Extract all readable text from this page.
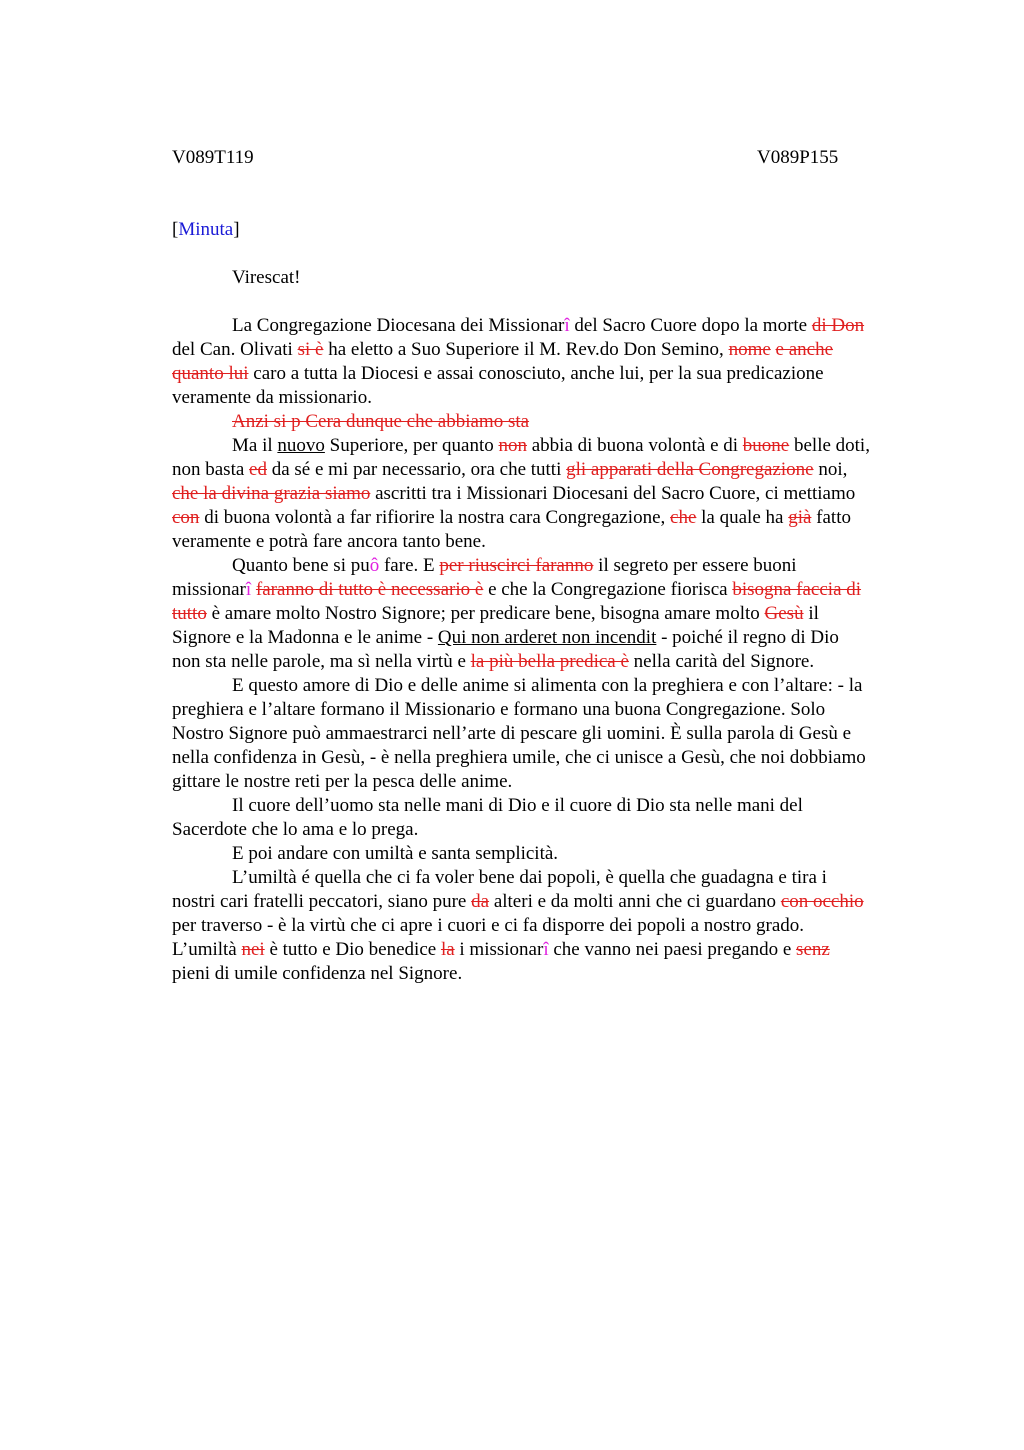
V089T119	V089P155
[Minuta]
Virescat!
La Congregazione Diocesana dei Missionarî del Sacro Cuore dopo la morte di Don
del Can. Olivati si è ha eletto a Suo Superiore il M. Rev.do Don Semino, nome e anche
quanto lui caro a tutta la Diocesi e assai conosciuto, anche lui, per la sua predicazione
veramente da missionario.
Anzi si p Cera dunque che abbiamo sta
Ma il nuovo Superiore, per quanto non abbia di buona volontà e di buone belle doti,
non basta ed da sé e mi par necessario, ora che tutti gli apparati della Congregazione noi,
che la divina grazia siamo ascritti tra i Missionari Diocesani del Sacro Cuore, ci mettiamo
con di buona volontà a far rifiorire la nostra cara Congregazione, che la quale ha già fatto
veramente e potrà fare ancora tanto bene.
Quanto bene si puô fare. E per riuscirci faranno il segreto per essere buoni
missionarî faranno di tutto è necessario è e che la Congregazione fiorisca bisogna faccia di
tutto è amare molto Nostro Signore; per predicare bene, bisogna amare molto Gesù il
Signore e la Madonna e le anime - Qui non arderet non incendit - poiché il regno di Dio
non sta nelle parole, ma sì nella virtù e la più bella predica è nella carità del Signore.
E questo amore di Dio e delle anime si alimenta con la preghiera e con l’altare: - la
preghiera e l’altare formano il Missionario e formano una buona Congregazione. Solo
Nostro Signore può ammaestrarci nell’arte di pescare gli uomini. È sulla parola di Gesù e
nella confidenza in Gesù, - è nella preghiera umile, che ci unisce a Gesù, che noi dobbiamo
gittare le nostre reti per la pesca delle anime.
Il cuore dell’uomo sta nelle mani di Dio e il cuore di Dio sta nelle mani del
Sacerdote che lo ama e lo prega.
E poi andare con umiltà e santa semplicità.
L’umiltà é quella che ci fa voler bene dai popoli, è quella che guadagna e tira i
nostri cari fratelli peccatori, siano pure da alteri e da molti anni che ci guardano con occhio
per traverso - è la virtù che ci apre i cuori e ci fa disporre dei popoli a nostro grado.
L’umiltà nei è tutto e Dio benedice la i missionarî che vanno nei paesi pregando e senz
pieni di umile confidenza nel Signore.
